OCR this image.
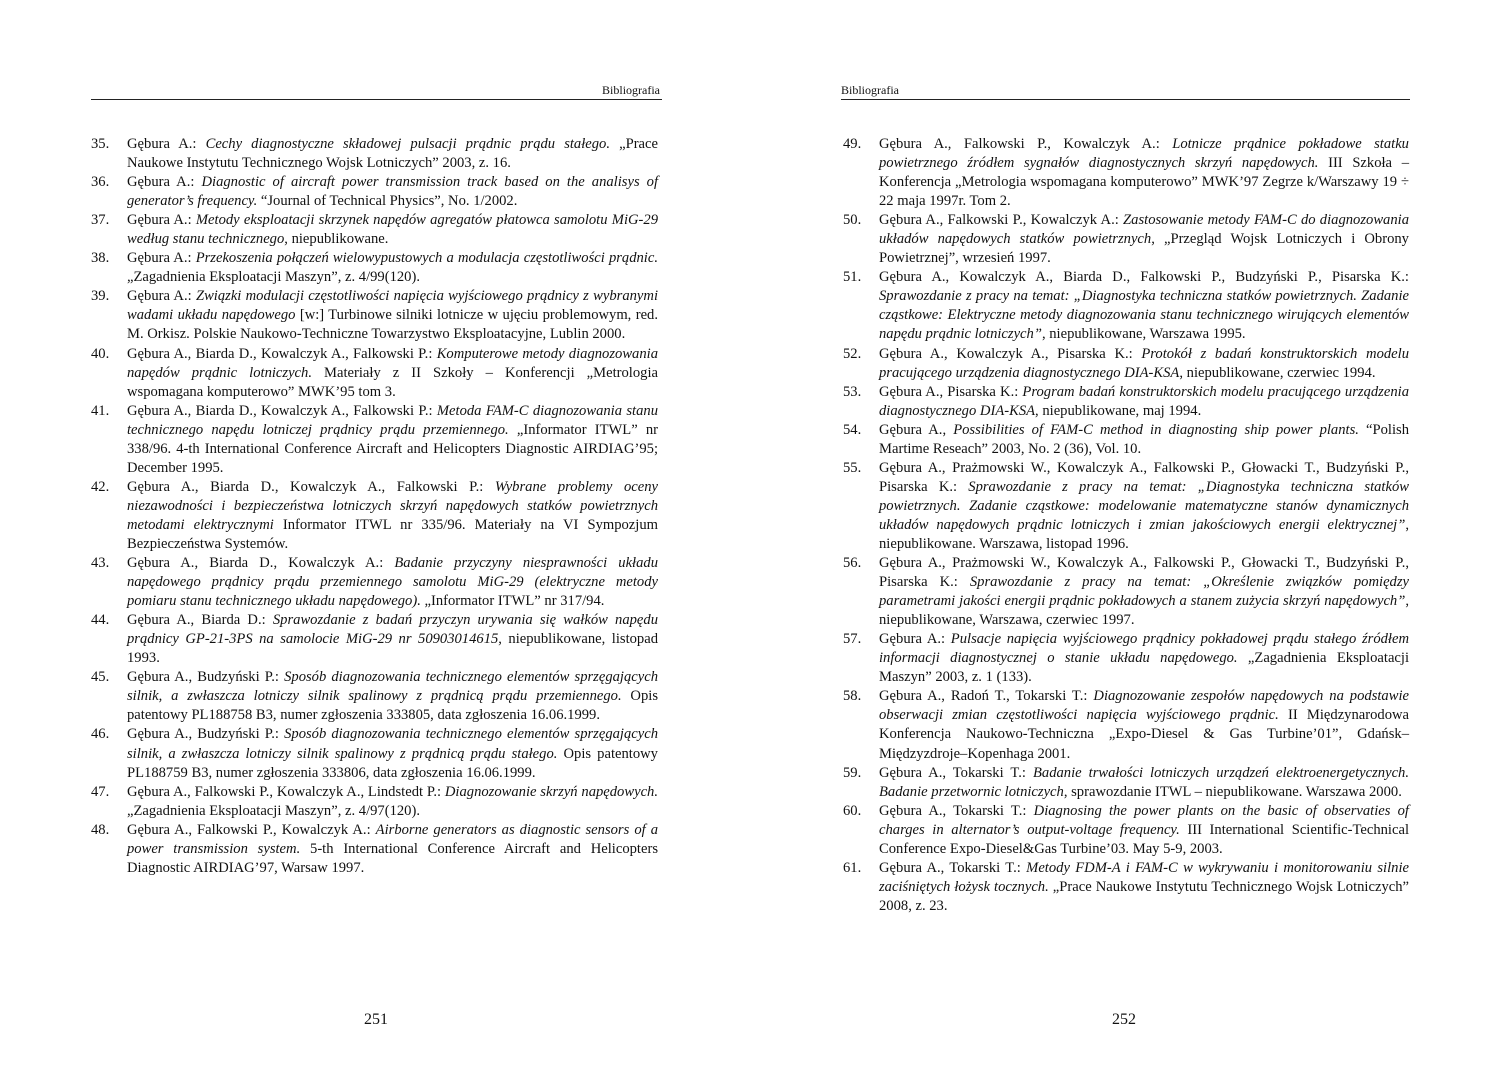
Bibliografia
35. Gębura A.: Cechy diagnostyczne składowej pulsacji prądnic prądu stałego. „Prace Naukowe Instytutu Technicznego Wojsk Lotniczych” 2003, z. 16.
36. Gębura A.: Diagnostic of aircraft power transmission track based on the analisys of generator’s frequency. “Journal of Technical Physics”, No. 1/2002.
37. Gębura A.: Metody eksploatacji skrzynek napędów agregatów płatowca samolotu MiG-29 według stanu technicznego, niepublikowane.
38. Gębura A.: Przekoszenia połączeń wielowypustowych a modulacja częstotliwości prądnic. „Zagadnienia Eksploatacji Maszyn”, z. 4/99(120).
39. Gębura A.: Związki modulacji częstotliwości napięcia wyjściowego prądnicy z wybranymi wadami układu napędowego [w:] Turbinowe silniki lotnicze w ujęciu problemowym, red. M. Orkisz. Polskie Naukowo-Techniczne Towarzystwo Eksploatacyjne, Lublin 2000.
40. Gębura A., Biarda D., Kowalczyk A., Falkowski P.: Komputerowe metody diagnozowania napędów prądnic lotniczych. Materiały z II Szkoły – Konferencji „Metrologia wspomagana komputerowo” MWK’95 tom 3.
41. Gębura A., Biarda D., Kowalczyk A., Falkowski P.: Metoda FAM-C diagnozowania stanu technicznego napędu lotniczej prądnicy prądu przemiennego. „Informator ITWL” nr 338/96. 4-th International Conference Aircraft and Helicopters Diagnostic AIRDIAG’95; December 1995.
42. Gębura A., Biarda D., Kowalczyk A., Falkowski P.: Wybrane problemy oceny niezawodności i bezpieczeństwa lotniczych skrzyń napędowych statków powietrznych metodami elektrycznymi Informator ITWL nr 335/96. Materiały na VI Sympozjum Bezpieczeństwa Systemów.
43. Gębura A., Biarda D., Kowalczyk A.: Badanie przyczyny niesprawności układu napędowego prądnicy prądu przemiennego samolotu MiG-29 (elektryczne metody pomiaru stanu technicznego układu napędowego). „Informator ITWL” nr 317/94.
44. Gębura A., Biarda D.: Sprawozdanie z badań przyczyn urywania się wałków napędu prądnicy GP-21-3PS na samolocie MiG-29 nr 50903014615, niepublikowane, listopad 1993.
45. Gębura A., Budzyński P.: Sposób diagnozowania technicznego elementów sprzęgających silnik, a zwłaszcza lotniczy silnik spalinowy z prądnicą prądu przemiennego. Opis patentowy PL188758 B3, numer zgłoszenia 333805, data zgłoszenia 16.06.1999.
46. Gębura A., Budzyński P.: Sposób diagnozowania technicznego elementów sprzęgających silnik, a zwłaszcza lotniczy silnik spalinowy z prądnicą prądu stałego. Opis patentowy PL188759 B3, numer zgłoszenia 333806, data zgłoszenia 16.06.1999.
47. Gębura A., Falkowski P., Kowalczyk A., Lindstedt P.: Diagnozowanie skrzyń napędowych. „Zagadnienia Eksploatacji Maszyn”, z. 4/97(120).
48. Gębura A., Falkowski P., Kowalczyk A.: Airborne generators as diagnostic sensors of a power transmission system. 5-th International Conference Aircraft and Helicopters Diagnostic AIRDIAG’97, Warsaw 1997.
251
Bibliografia
49. Gębura A., Falkowski P., Kowalczyk A.: Lotnicze prądnice pokładowe statku powietrznego źródłem sygnałów diagnostycznych skrzyń napędowych. III Szkoła – Konferencja „Metrologia wspomagana komputerowo” MWK’97 Zegrze k/Warszawy 19 ÷ 22 maja 1997r. Tom 2.
50. Gębura A., Falkowski P., Kowalczyk A.: Zastosowanie metody FAM-C do diagnozowania układów napędowych statków powietrznych, „Przegląd Wojsk Lotniczych i Obrony Powietrznej”, wrzesień 1997.
51. Gębura A., Kowalczyk A., Biarda D., Falkowski P., Budzyński P., Pisarska K.: Sprawozdanie z pracy na temat: „Diagnostyka techniczna statków powietrznych. Zadanie cząstkowe: Elektryczne metody diagnozowania stanu technicznego wirujących elementów napędu prądnic lotniczych”, niepublikowane, Warszawa 1995.
52. Gębura A., Kowalczyk A., Pisarska K.: Protokół z badań konstruktorskich modelu pracującego urządzenia diagnostycznego DIA-KSA, niepublikowane, czerwiec 1994.
53. Gębura A., Pisarska K.: Program badań konstruktorskich modelu pracującego urządzenia diagnostycznego DIA-KSA, niepublikowane, maj 1994.
54. Gębura A., Possibilities of FAM-C method in diagnosting ship power plants. “Polish Martime Reseach” 2003, No. 2 (36), Vol. 10.
55. Gębura A., Prażmowski W., Kowalczyk A., Falkowski P., Głowacki T., Budzyński P., Pisarska K.: Sprawozdanie z pracy na temat: „Diagnostyka techniczna statków powietrznych. Zadanie cząstkowe: modelowanie matematyczne stanów dynamicznych układów napędowych prądnic lotniczych i zmian jakościowych energii elektrycznej”, niepublikowane. Warszawa, listopad 1996.
56. Gębura A., Prażmowski W., Kowalczyk A., Falkowski P., Głowacki T., Budzyński P., Pisarska K.: Sprawozdanie z pracy na temat: „Określenie związków pomiędzy parametrami jakości energii prądnic pokładowych a stanem zużycia skrzyń napędowych”, niepublikowane, Warszawa, czerwiec 1997.
57. Gębura A.: Pulsacje napięcia wyjściowego prądnicy pokładowej prądu stałego źródłem informacji diagnostycznej o stanie układu napędowego. „Zagadnienia Eksploatacji Maszyn” 2003, z. 1 (133).
58. Gębura A., Radoń T., Tokarski T.: Diagnozowanie zespołów napędowych na podstawie obserwacji zmian częstotliwości napięcia wyjściowego prądnic. II Międzynarodowa Konferencja Naukowo-Techniczna „Expo-Diesel & Gas Turbine’01”, Gdańsk–Międzyzdroje–Kopenhaga 2001.
59. Gębura A., Tokarski T.: Badanie trwałości lotniczych urządzeń elektroenergetycznych. Badanie przetwornic lotniczych, sprawozdanie ITWL – niepublikowane. Warszawa 2000.
60. Gębura A., Tokarski T.: Diagnosing the power plants on the basic of observaties of charges in alternator’s output-voltage frequency. III International Scientific-Technical Conference Expo-Diesel&Gas Turbine’03. May 5-9, 2003.
61. Gębura A., Tokarski T.: Metody FDM-A i FAM-C w wykrywaniu i monitorowaniu silnie zaciśniętych łożysk tocznych. „Prace Naukowe Instytutu Technicznego Wojsk Lotniczych” 2008, z. 23.
252
